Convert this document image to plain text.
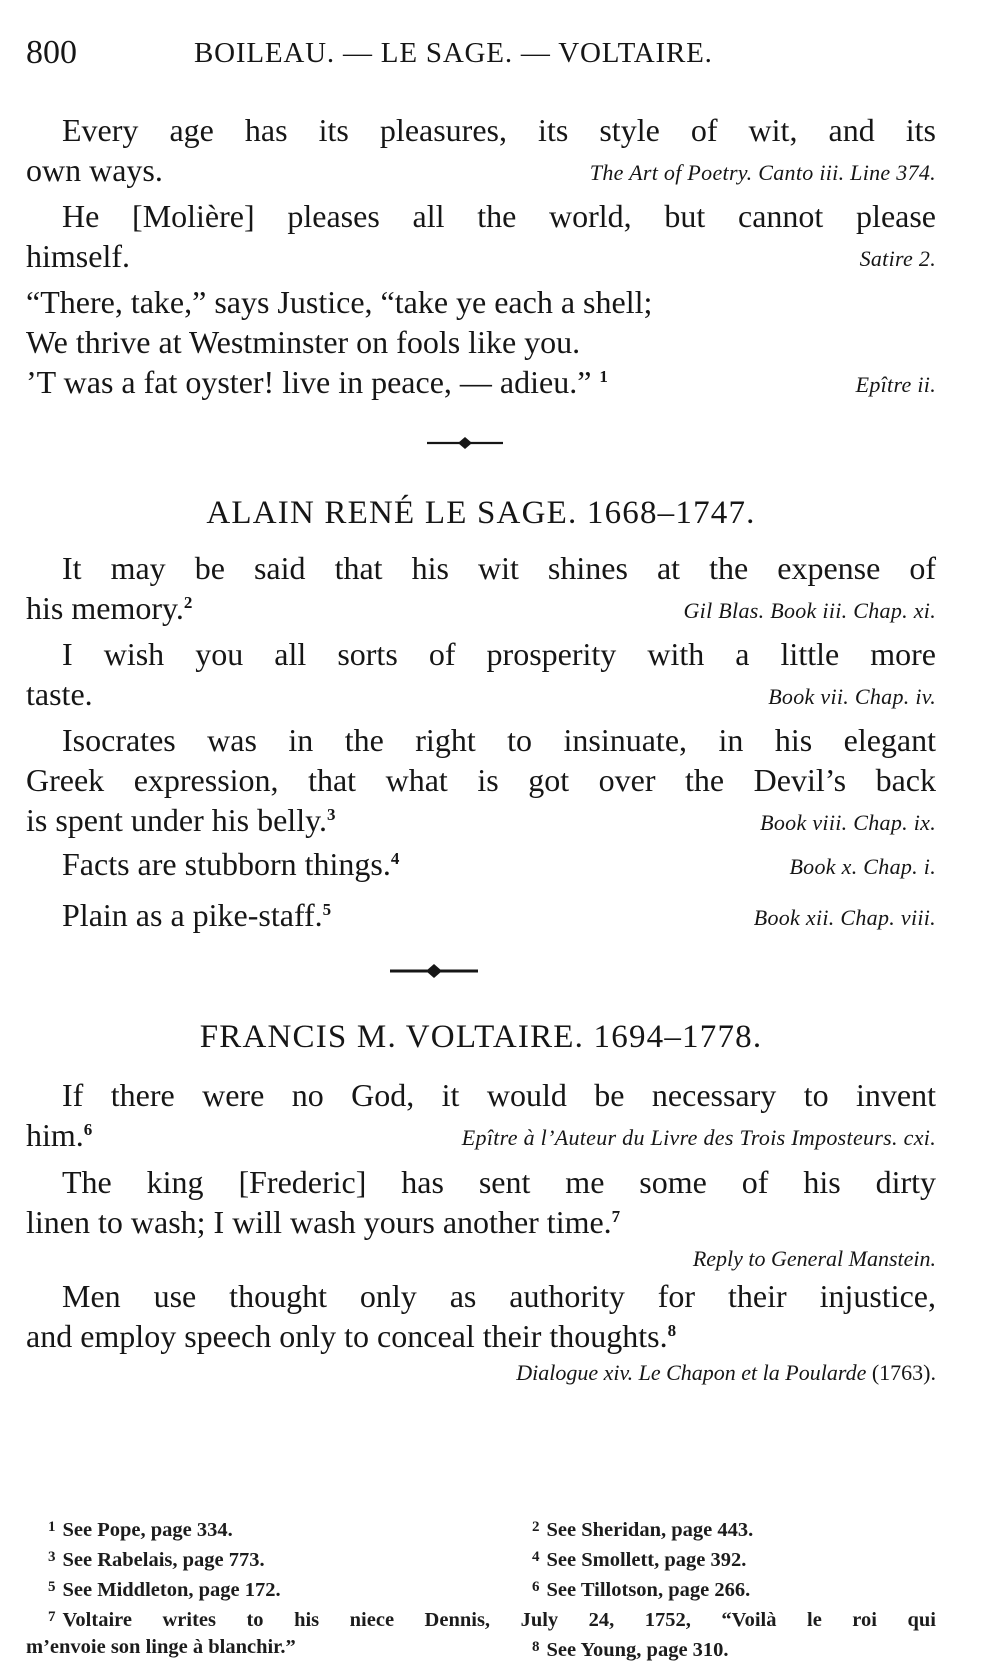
800	BOILEAU. — LE SAGE. — VOLTAIRE.
Every age has its pleasures, its style of wit, and its
own ways.	The Art of Poetry. Canto iii. Line 374.
He [Molière] pleases all the world, but cannot please
himself.	Satire 2.
“There, take,” says Justice, “take ye each a shell;
We thrive at Westminster on fools like you.
’T was a fat oyster! live in peace, — adieu.” $^1$	Epître ii.
ALAIN RENÉ LE SAGE. 1668–1747.
It may be said that his wit shines at the expense of
his memory.$^2$	Gil Blas. Book iii. Chap. xi.
I wish you all sorts of prosperity with a little more
taste.	Book vii. Chap. iv.
Isocrates was in the right to insinuate, in his elegant
Greek expression, that what is got over the Devil’s back
is spent under his belly.$^3$	Book viii. Chap. ix.
Facts are stubborn things.$^4$	Book x. Chap. i.
Plain as a pike-staff.$^5$	Book xii. Chap. viii.
FRANCIS M. VOLTAIRE. 1694–1778.
If there were no God, it would be necessary to invent
him.$^6$	Epître à l’Auteur du Livre des Trois Imposteurs. cxi.
The king [Frederic] has sent me some of his dirty
linen to wash; I will wash yours another time.$^7$
Reply to General Manstein.
Men use thought only as authority for their injustice,
and employ speech only to conceal their thoughts.$^8$
Dialogue xiv. Le Chapon et la Poularde (1763).
$^1$ See Pope, page 334.	$^2$ See Sheridan, page 443.
$^3$ See Rabelais, page 773.	$^4$ See Smollett, page 392.
$^5$ See Middleton, page 172.	$^6$ See Tillotson, page 266.
$^7$ Voltaire writes to his niece Dennis, July 24, 1752, “Voilà le roi qui
m’envoie son linge à blanchir.”	$^8$ See Young, page 310.
